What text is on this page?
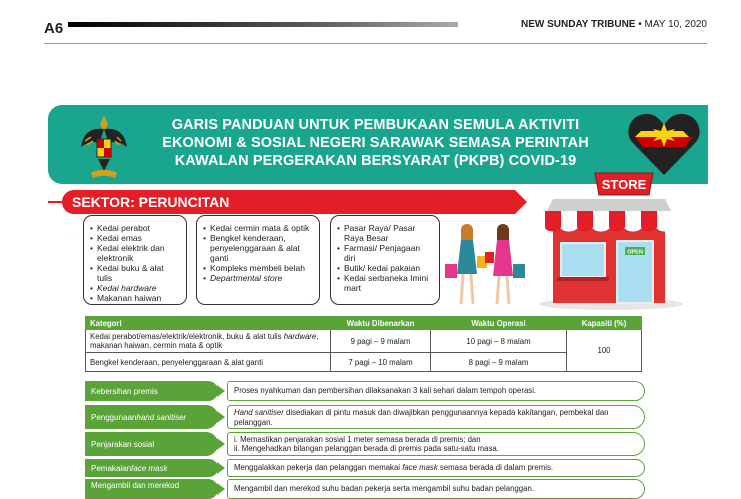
A6	NEW SUNDAY TRIBUNE • MAY 10, 2020
GARIS PANDUAN UNTUK PEMBUKAAN SEMULA AKTIVITI
EKONOMI & SOSIAL NEGERI SARAWAK SEMASA PERINTAH
KAWALAN PERGERAKAN BERSYARAT (PKPB) COVID-19
SEKTOR: PERUNCITAN
• Kedai perabot
• Kedai emas
• Kedai elektrik dan elektronik
• Kedai buku & alat tulis
• Kedai hardware
• Makanan haiwan
• Kedai cermin mata & optik
• Bengkel kenderaan, penyelenggaraan & alat ganti
• Kompleks membeli belah
• Departmental store
• Pasar Raya/ Pasar Raya Besar
• Farmasi/ Penjagaan diri
• Butik/ kedai pakaian
• Kedai serbaneka Imini mart
OPEN
STORE
Kategori	Waktu Dibenarkan	Waktu Operasi	Kapasiti (%)
Kedai perabot/emas/elektrik/elektronik, buku & alat tulis hardware, makanan haiwan, cermin mata & optik	9 pagi – 9 malam	10 pagi – 8 malam	100
Bengkel kenderaan, penyelenggaraan & alat ganti	7 pagi – 10 malam	8 pagi – 9 malam	
Kebersihan premis	Proses nyahkuman dan pembersihan dilaksanakan 3 kali sehari dalam tempoh operasi.
Penggunaan hand sanitiser	Hand sanitiser disediakan di pintu masuk dan diwajibkan penggunaannya kepada kakitangan, pembekal dan pelanggan.
Penjarakan sosial
i. Memastikan penjarakan sosial 1 meter semasa berada di premis; dan
ii. Mengehadkan bilangan pelanggan berada di premis pada satu-satu masa.
Pemakaian face mask	Menggalakkan pekerja dan pelanggan memakai face mask semasa berada di dalam premis.
Mengambil dan merekod	Mengambil dan merekod suhu badan pekerja serta mengambil suhu badan pelanggan.
